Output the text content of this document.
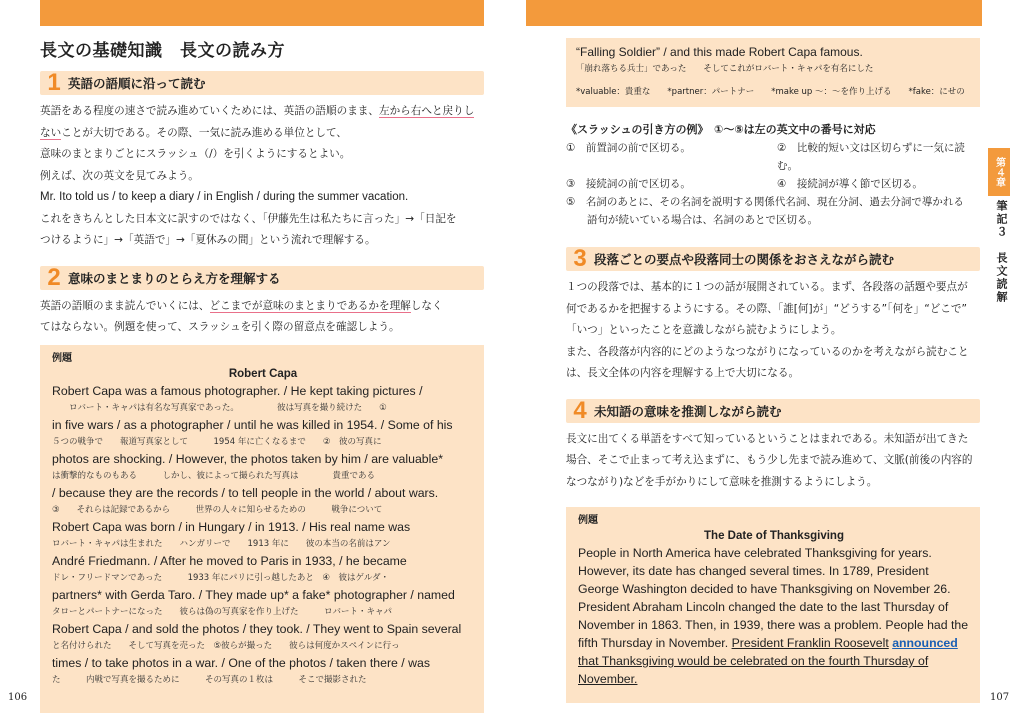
長文の基礎知識　長文の読み方
1 英語の語順に沿って読む

英語をある程度の速さで読み進めていくためには、英語の語順のまま、左から右へと戻りしないことが大切である。その際、一気に読み進める単位として、
意味のまとまりごとにスラッシュ（/）を引くようにするとよい。
例えば、次の英文を見てみよう。
Mr. Ito told us / to keep a diary / in English / during the summer vacation.
これをきちんとした日本文に訳すのではなく、「伊藤先生は私たちに言った」→「日記を
つけるように」→「英語で」→「夏休みの間」という流れで理解する。

2 意味のまとまりのとらえ方を理解する

英語の語順のまま読んでいくには、どこまでが意味のまとまりであるかを理解しなく
てはならない。例題を使って、スラッシュを引く際の留意点を確認しよう。

例題
Robert Capa
Robert Capa was a famous photographer. / He kept taking pictures /
　　ロバート・キャパは有名な写真家であった。　　　　　彼は写真を撮り続けた　　①
in five wars / as a photographer / until he was killed in 1954. / Some of his
５つの戦争で　　報道写真家として　　　1954 年に亡くなるまで　　②　彼の写真に
photos are shocking. / However, the photos taken by him / are valuable*
は衝撃的なものもある　　　しかし、彼によって撮られた写真は　　　　貴重である
/ because they are the records / to tell people in the world / about wars.
③　　それらは記録であるから　　　世界の人々に知らせるための　　　戦争について
Robert Capa was born / in Hungary / in 1913. / His real name was
ロバート・キャパは生まれた　　ハンガリーで　　1913 年に　　彼の本当の名前はアン
André Friedmann. / After he moved to Paris in 1933, / he became
ドレ・フリードマンであった　　　1933 年にパリに引っ越したあと　④　彼はゲルダ・
partners* with Gerda Taro. / They made up* a fake* photographer / named
タローとパートナーになった　　彼らは偽の写真家を作り上げた　　　ロバート・キャパ
Robert Capa / and sold the photos / they took. / They went to Spain several
と名付けられた　　そして写真を売った　⑤彼らが撮った　　彼らは何度かスペインに行っ
times / to take photos in a war. / One of the photos / taken there / was
た　　　内戦で写真を撮るために　　　その写真の１枚は　　　そこで撮影された
106
“Falling Soldier” / and this made Robert Capa famous.
「崩れ落ちる兵士」であった　　そしてこれがロバート・キャパを有名にした
*valuable：貴重な　　*partner：パートナー　　*make up ～：～を作り上げる　　*fake：にせの
《スラッシュの引き方の例》　①～⑤は左の英文中の番号に対応
①　前置詞の前で区切る。	②　比較的短い文は区切らずに一気に読む。
③　接続詞の前で区切る。	④　接続詞が導く節で区切る。
⑤　名詞のあとに、その名詞を説明する関係代名詞、現在分詞、過去分詞で導かれる
　　語句が続いている場合は、名詞のあとで区切る。
3 段落ごとの要点や段落同士の関係をおさえながら読む

１つの段落では、基本的に１つの話が展開されている。まず、各段落の話題や要点が
何であるかを把握するようにする。その際、「誰[何]が」“どうする”「何を」“どこで”
「いつ」といったことを意識しながら読むようにしよう。
また、各段落が内容的にどのようなつながりになっているのかを考えながら読むこと
は、長文全体の内容を理解する上で大切になる。

4 未知語の意味を推測しながら読む

長文に出てくる単語をすべて知っているということはまれである。未知語が出てきた
場合、そこで止まって考え込まずに、もう少し先まで読み進めて、文脈(前後の内容的
なつながり)などを手がかりにして意味を推測するようにしよう。

例題
The Date of Thanksgiving
People in North America have celebrated Thanksgiving for years.
However, its date has changed several times. In 1789, President
George Washington decided to have Thanksgiving on November 26.
President Abraham Lincoln changed the date to the last Thursday of
November in 1863. Then, in 1939, there was a problem. People had the
fifth Thursday in November. President Franklin Roosevelt announced
that Thanksgiving would be celebrated on the fourth Thursday of
November.
第４章
筆記３　長文読解
107
